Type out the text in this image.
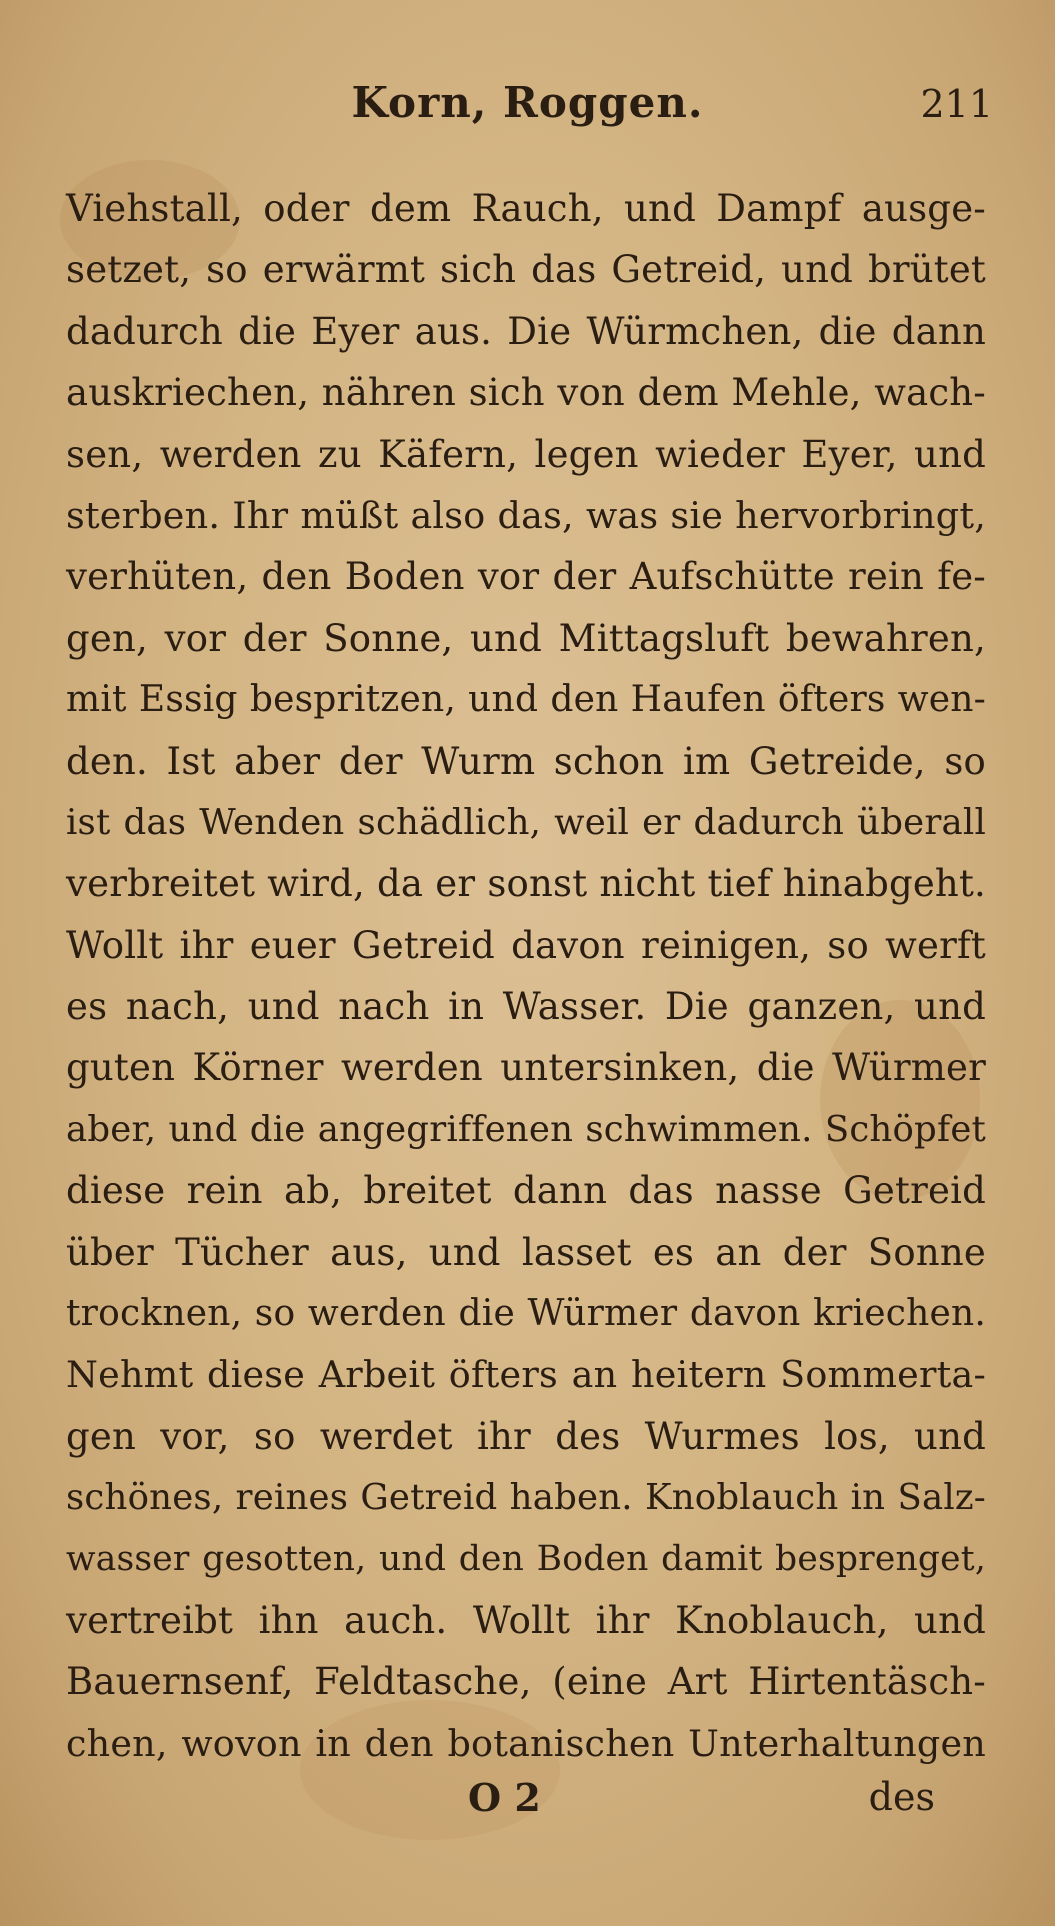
Korn, Roggen.	211
Viehstall, oder dem Rauch, und Dampf ausge-
setzet, so erwärmt sich das Getreid, und brütet
dadurch die Eyer aus. Die Würmchen, die dann
auskriechen, nähren sich von dem Mehle, wach-
sen, werden zu Käfern, legen wieder Eyer, und
sterben. Ihr müßt also das, was sie hervorbringt,
verhüten, den Boden vor der Aufschütte rein fe-
gen, vor der Sonne, und Mittagsluft bewahren,
mit Essig bespritzen, und den Haufen öfters wen-
den. Ist aber der Wurm schon im Getreide, so
ist das Wenden schädlich, weil er dadurch überall
verbreitet wird, da er sonst nicht tief hinabgeht.
Wollt ihr euer Getreid davon reinigen, so werft
es nach, und nach in Wasser. Die ganzen, und
guten Körner werden untersinken, die Würmer
aber, und die angegriffenen schwimmen. Schöpfet
diese rein ab, breitet dann das nasse Getreid
über Tücher aus, und lasset es an der Sonne
trocknen, so werden die Würmer davon kriechen.
Nehmt diese Arbeit öfters an heitern Sommerta-
gen vor, so werdet ihr des Wurmes los, und
schönes, reines Getreid haben. Knoblauch in Salz-
wasser gesotten, und den Boden damit besprenget,
vertreibt ihn auch. Wollt ihr Knoblauch, und
Bauernsenf, Feldtasche, (eine Art Hirtentäsch-
chen, wovon in den botanischen Unterhaltungen
O 2	des
